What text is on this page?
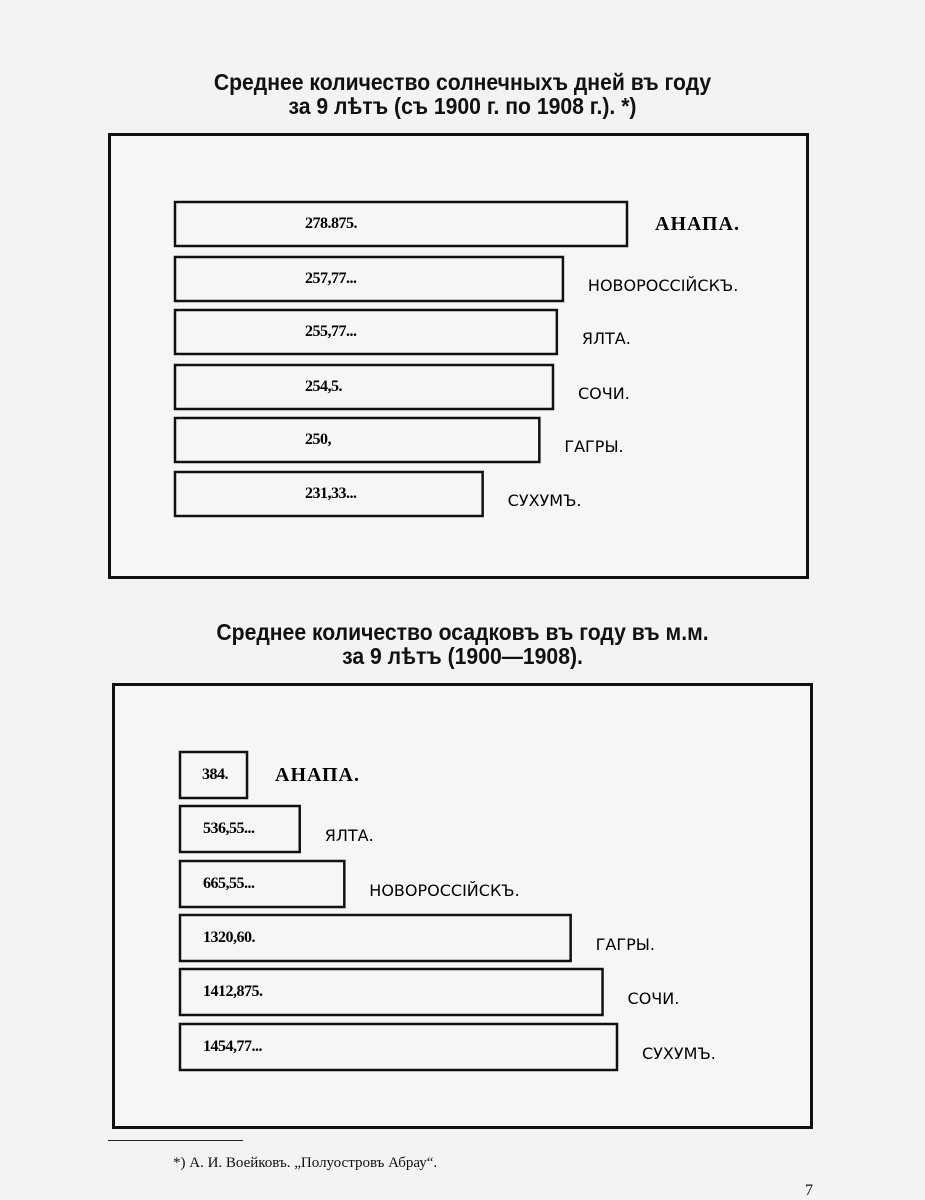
Среднее количество солнечныхъ дней въ году
за 9 лѣтъ (съ 1900 г. по 1908 г.). *)
Среднее количество осадковъ въ году въ м.м.
за 9 лѣтъ (1900—1908).
278.875.	АНАПА.
257,77...	НОВОРОССІЙСКЪ.
255,77...	ЯЛТА.
254,5.	СОЧИ.
250,	ГАГРЫ.
231,33...	СУХУМЪ.
384. АНАПА.
536,55...	ЯЛТА.
665,55...	НОВОРОССІЙСКЪ.
1320,60.	ГАГРЫ.
1412,875.	СОЧИ.
1454,77...	СУХУМЪ.
*) А. И. Воейковъ. „Полуостровъ Абрау“.
7
